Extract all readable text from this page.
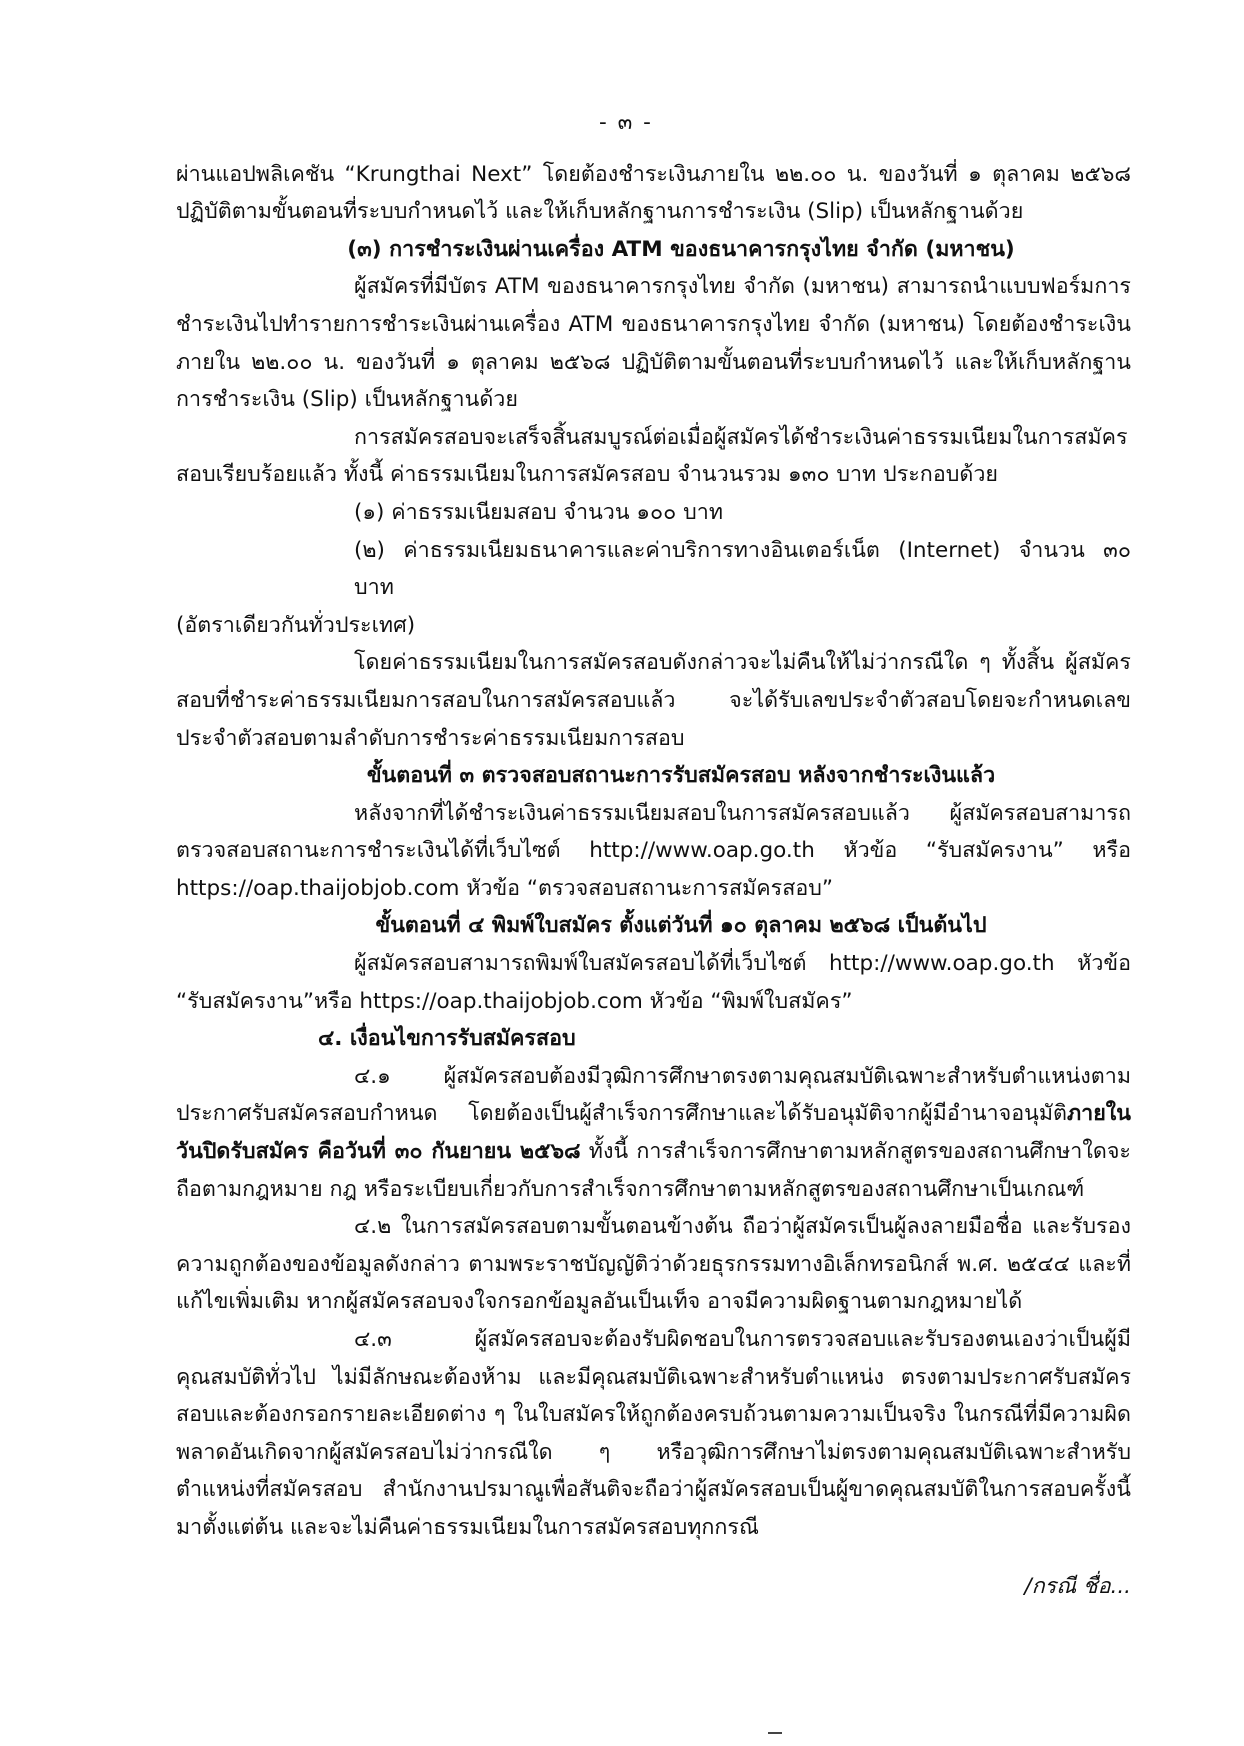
- ๓ -

ผ่านแอปพลิเคชัน “Krungthai Next” โดยต้องชำระเงินภายใน ๒๒.๐๐ น. ของวันที่ ๑ ตุลาคม ๒๕๖๘ ปฏิบัติตามขั้นตอนที่ระบบกำหนดไว้ และให้เก็บหลักฐานการชำระเงิน (Slip) เป็นหลักฐานด้วย

(๓) การชำระเงินผ่านเครื่อง ATM ของธนาคารกรุงไทย จำกัด (มหาชน)

ผู้สมัครที่มีบัตร ATM ของธนาคารกรุงไทย จำกัด (มหาชน) สามารถนำแบบฟอร์มการชำระเงินไปทำรายการชำระเงินผ่านเครื่อง ATM ของธนาคารกรุงไทย จำกัด (มหาชน) โดยต้องชำระเงินภายใน ๒๒.๐๐ น. ของวันที่ ๑ ตุลาคม ๒๕๖๘ ปฏิบัติตามขั้นตอนที่ระบบกำหนดไว้ และให้เก็บหลักฐานการชำระเงิน (Slip) เป็นหลักฐานด้วย

การสมัครสอบจะเสร็จสิ้นสมบูรณ์ต่อเมื่อผู้สมัครได้ชำระเงินค่าธรรมเนียมในการสมัครสอบเรียบร้อยแล้ว ทั้งนี้ ค่าธรรมเนียมในการสมัครสอบ จำนวนรวม ๑๓๐ บาท ประกอบด้วย

(๑) ค่าธรรมเนียมสอบ จำนวน ๑๐๐ บาท

(๒) ค่าธรรมเนียมธนาคารและค่าบริการทางอินเตอร์เน็ต (Internet) จำนวน ๓๐ บาท

(อัตราเดียวกันทั่วประเทศ)

โดยค่าธรรมเนียมในการสมัครสอบดังกล่าวจะไม่คืนให้ไม่ว่ากรณีใด ๆ ทั้งสิ้น ผู้สมัครสอบที่ชำระค่าธรรมเนียมการสอบในการสมัครสอบแล้ว จะได้รับเลขประจำตัวสอบโดยจะกำหนดเลขประจำตัวสอบตามลำดับการชำระค่าธรรมเนียมการสอบ

ขั้นตอนที่ ๓ ตรวจสอบสถานะการรับสมัครสอบ หลังจากชำระเงินแล้ว

หลังจากที่ได้ชำระเงินค่าธรรมเนียมสอบในการสมัครสอบแล้ว ผู้สมัครสอบสามารถตรวจสอบสถานะการชำระเงินได้ที่เว็บไซต์ http://www.oap.go.th หัวข้อ “รับสมัครงาน” หรือ https://oap.thaijobjob.com หัวข้อ “ตรวจสอบสถานะการสมัครสอบ”

ขั้นตอนที่ ๔ พิมพ์ใบสมัคร ตั้งแต่วันที่ ๑๐ ตุลาคม ๒๕๖๘ เป็นต้นไป

ผู้สมัครสอบสามารถพิมพ์ใบสมัครสอบได้ที่เว็บไซต์ http://www.oap.go.th หัวข้อ “รับสมัครงาน”หรือ https://oap.thaijobjob.com หัวข้อ “พิมพ์ใบสมัคร”

๔. เงื่อนไขการรับสมัครสอบ

๔.๑ ผู้สมัครสอบต้องมีวุฒิการศึกษาตรงตามคุณสมบัติเฉพาะสำหรับตำแหน่งตามประกาศรับสมัครสอบกำหนด โดยต้องเป็นผู้สำเร็จการศึกษาและได้รับอนุมัติจากผู้มีอำนาจอนุมัติภายในวันปิดรับสมัคร คือวันที่ ๓๐ กันยายน ๒๕๖๘ ทั้งนี้ การสำเร็จการศึกษาตามหลักสูตรของสถานศึกษาใดจะถือตามกฎหมาย กฎ หรือระเบียบเกี่ยวกับการสำเร็จการศึกษาตามหลักสูตรของสถานศึกษาเป็นเกณฑ์

๔.๒ ในการสมัครสอบตามขั้นตอนข้างต้น ถือว่าผู้สมัครเป็นผู้ลงลายมือชื่อ และรับรองความถูกต้องของข้อมูลดังกล่าว ตามพระราชบัญญัติว่าด้วยธุรกรรมทางอิเล็กทรอนิกส์ พ.ศ. ๒๕๔๔ และที่แก้ไขเพิ่มเติม หากผู้สมัครสอบจงใจกรอกข้อมูลอันเป็นเท็จ อาจมีความผิดฐานตามกฎหมายได้

๔.๓ ผู้สมัครสอบจะต้องรับผิดชอบในการตรวจสอบและรับรองตนเองว่าเป็นผู้มีคุณสมบัติทั่วไป ไม่มีลักษณะต้องห้าม และมีคุณสมบัติเฉพาะสำหรับตำแหน่ง ตรงตามประกาศรับสมัครสอบและต้องกรอกรายละเอียดต่าง ๆ ในใบสมัครให้ถูกต้องครบถ้วนตามความเป็นจริง ในกรณีที่มีความผิดพลาดอันเกิดจากผู้สมัครสอบไม่ว่ากรณีใด ๆ หรือวุฒิการศึกษาไม่ตรงตามคุณสมบัติเฉพาะสำหรับตำแหน่งที่สมัครสอบ สำนักงานปรมาณูเพื่อสันติจะถือว่าผู้สมัครสอบเป็นผู้ขาดคุณสมบัติในการสอบครั้งนี้มาตั้งแต่ต้น และจะไม่คืนค่าธรรมเนียมในการสมัครสอบทุกกรณี

/กรณี ชื่อ...
